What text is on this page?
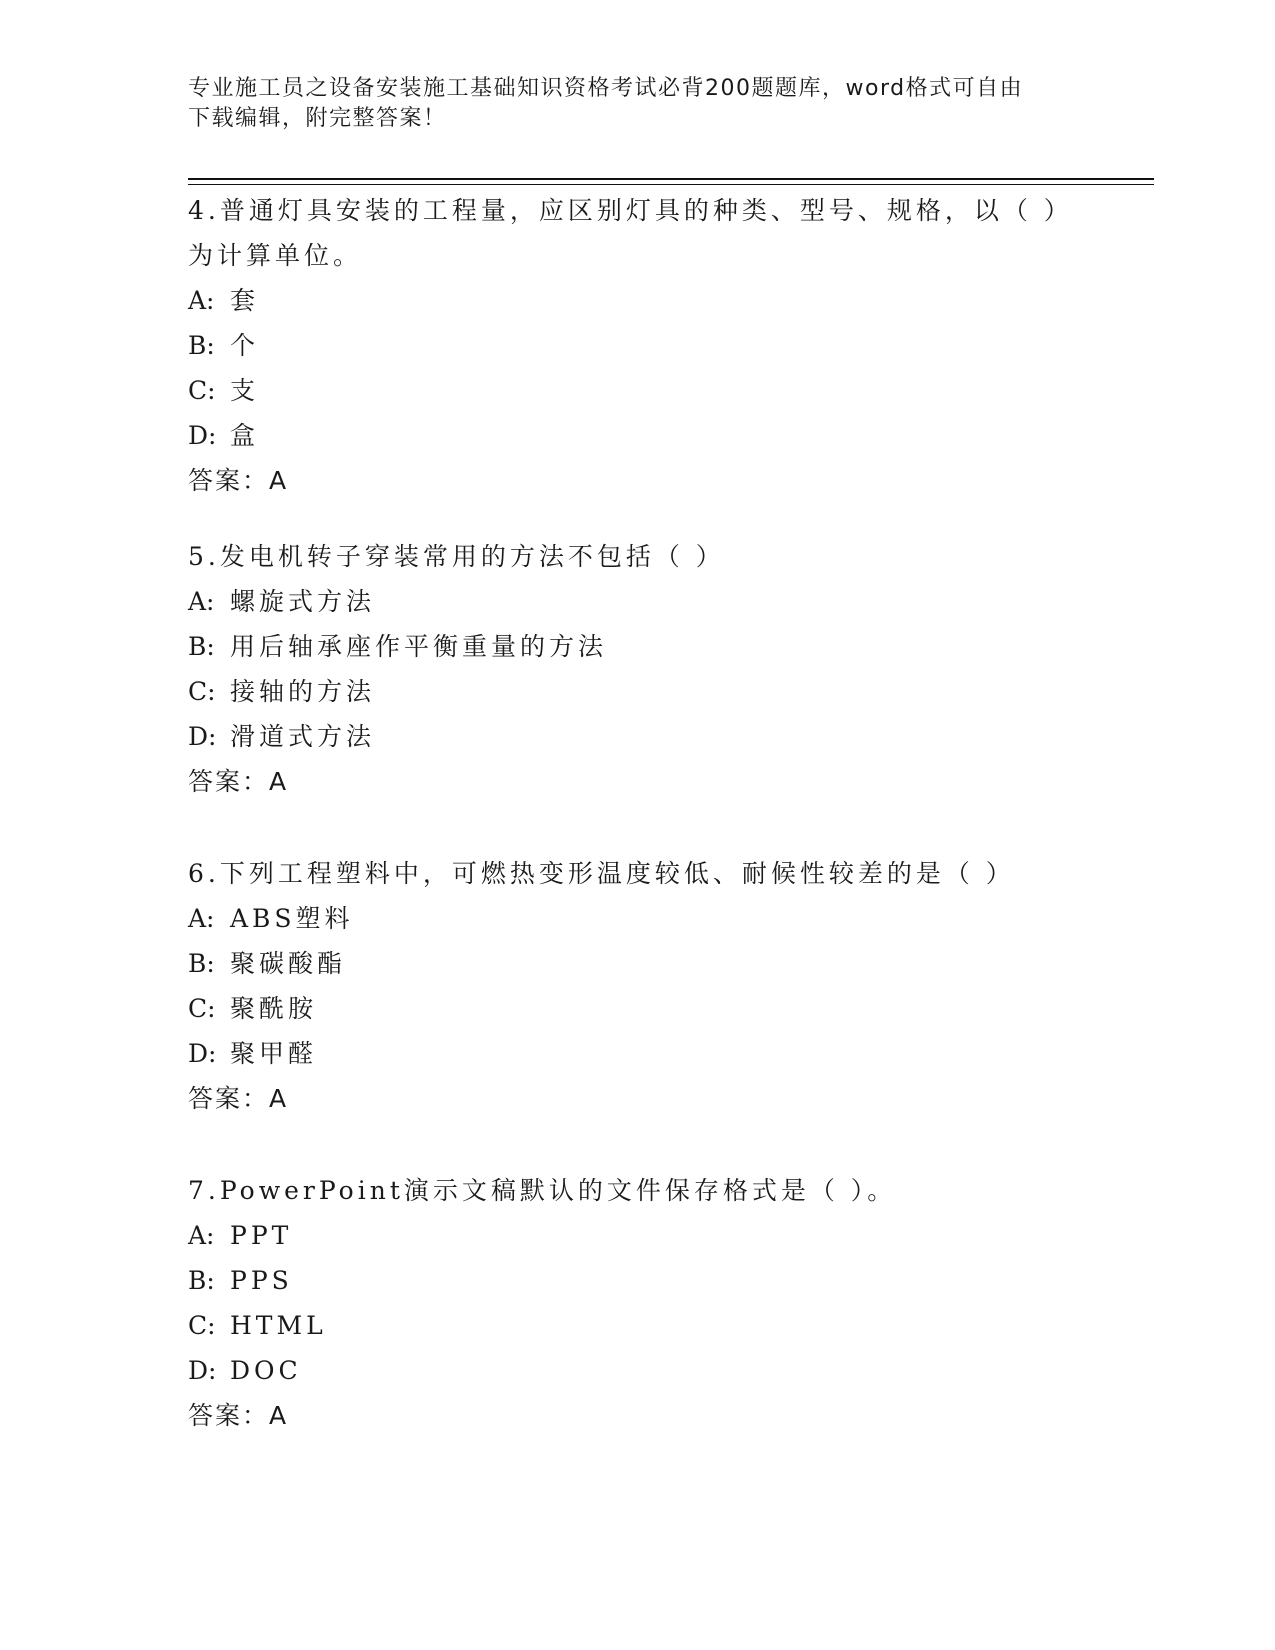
专业施工员之设备安装施工基础知识资格考试必背200题题库，word格式可自由
下载编辑，附完整答案！
4.普通灯具安装的工程量，应区别灯具的种类、型号、规格，以（ ）
为计算单位。
A: 套
B: 个
C: 支
D: 盒
答案：A
5.发电机转子穿装常用的方法不包括（ ）
A: 螺旋式方法
B: 用后轴承座作平衡重量的方法
C: 接轴的方法
D: 滑道式方法
答案：A
6.下列工程塑料中，可燃热变形温度较低、耐候性较差的是（ ）
A: ABS塑料
B: 聚碳酸酯
C: 聚酰胺
D: 聚甲醛
答案：A
7.PowerPoint演示文稿默认的文件保存格式是（ ）。
A: PPT
B: PPS
C: HTML
D: DOC
答案：A
